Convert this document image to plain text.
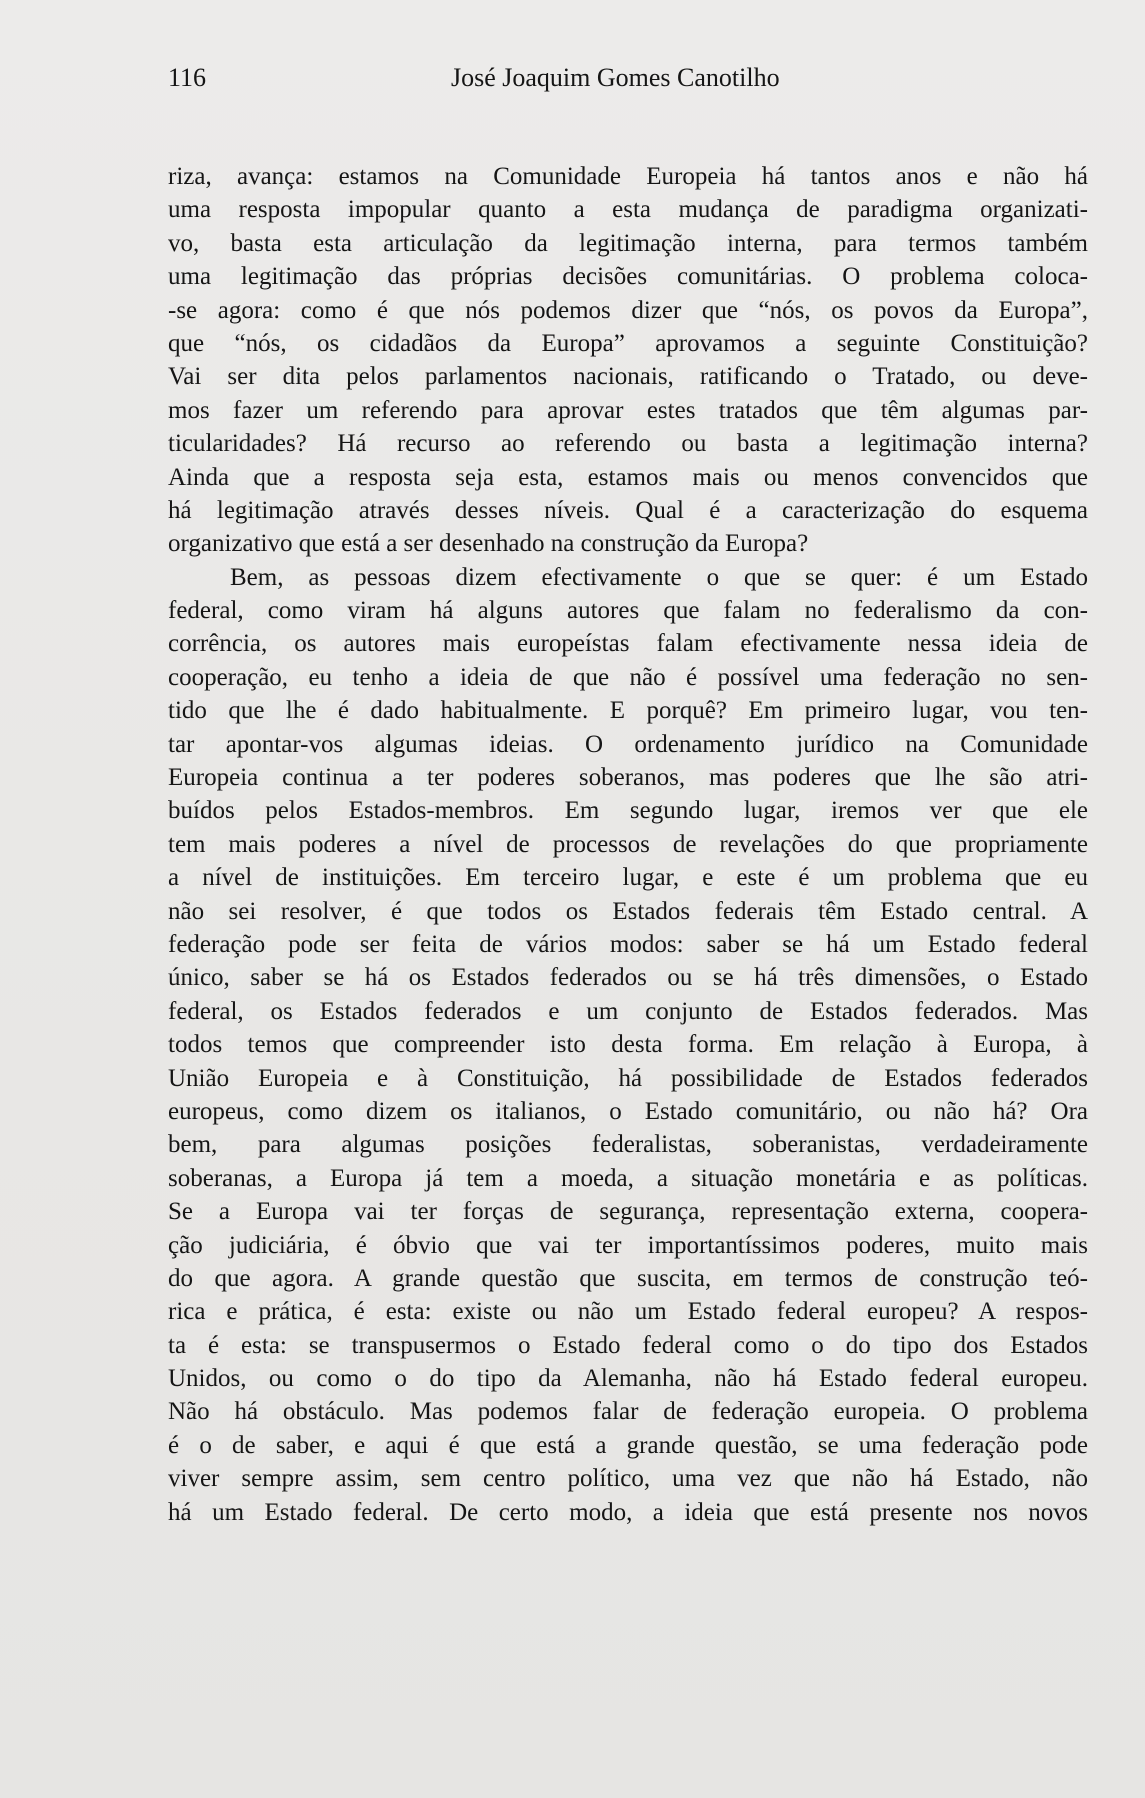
116	José Joaquim Gomes Canotilho
riza, avança: estamos na Comunidade Europeia há tantos anos e não há
uma resposta impopular quanto a esta mudança de paradigma organizati-
vo, basta esta articulação da legitimação interna, para termos também
uma legitimação das próprias decisões comunitárias. O problema coloca-
-se agora: como é que nós podemos dizer que “nós, os povos da Europa”,
que “nós, os cidadãos da Europa” aprovamos a seguinte Constituição?
Vai ser dita pelos parlamentos nacionais, ratificando o Tratado, ou deve-
mos fazer um referendo para aprovar estes tratados que têm algumas par-
ticularidades? Há recurso ao referendo ou basta a legitimação interna?
Ainda que a resposta seja esta, estamos mais ou menos convencidos que
há legitimação através desses níveis. Qual é a caracterização do esquema
organizativo que está a ser desenhado na construção da Europa?
Bem, as pessoas dizem efectivamente o que se quer: é um Estado
federal, como viram há alguns autores que falam no federalismo da con-
corrência, os autores mais europeístas falam efectivamente nessa ideia de
cooperação, eu tenho a ideia de que não é possível uma federação no sen-
tido que lhe é dado habitualmente. E porquê? Em primeiro lugar, vou ten-
tar apontar-vos algumas ideias. O ordenamento jurídico na Comunidade
Europeia continua a ter poderes soberanos, mas poderes que lhe são atri-
buídos pelos Estados-membros. Em segundo lugar, iremos ver que ele
tem mais poderes a nível de processos de revelações do que propriamente
a nível de instituições. Em terceiro lugar, e este é um problema que eu
não sei resolver, é que todos os Estados federais têm Estado central. A
federação pode ser feita de vários modos: saber se há um Estado federal
único, saber se há os Estados federados ou se há três dimensões, o Estado
federal, os Estados federados e um conjunto de Estados federados. Mas
todos temos que compreender isto desta forma. Em relação à Europa, à
União Europeia e à Constituição, há possibilidade de Estados federados
europeus, como dizem os italianos, o Estado comunitário, ou não há? Ora
bem, para algumas posições federalistas, soberanistas, verdadeiramente
soberanas, a Europa já tem a moeda, a situação monetária e as políticas.
Se a Europa vai ter forças de segurança, representação externa, coopera-
ção judiciária, é óbvio que vai ter importantíssimos poderes, muito mais
do que agora. A grande questão que suscita, em termos de construção teó-
rica e prática, é esta: existe ou não um Estado federal europeu? A respos-
ta é esta: se transpusermos o Estado federal como o do tipo dos Estados
Unidos, ou como o do tipo da Alemanha, não há Estado federal europeu.
Não há obstáculo. Mas podemos falar de federação europeia. O problema
é o de saber, e aqui é que está a grande questão, se uma federação pode
viver sempre assim, sem centro político, uma vez que não há Estado, não
há um Estado federal. De certo modo, a ideia que está presente nos novos
